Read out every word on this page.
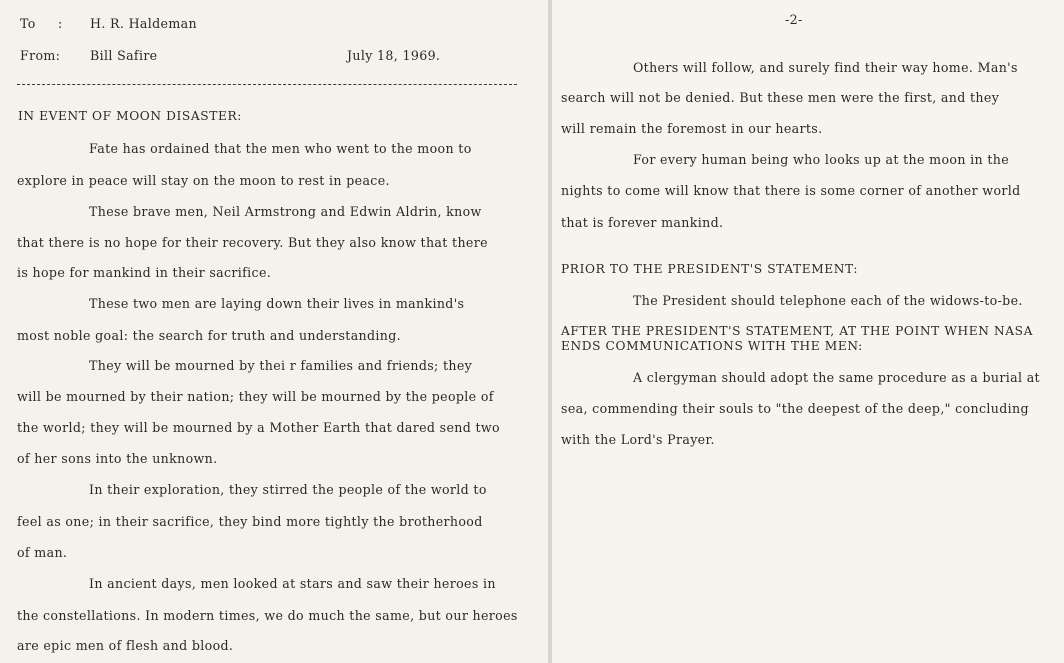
To : H. R. Haldeman
From: Bill Safire	July 18, 1969.
IN EVENT OF MOON DISASTER:
Fate has ordained that the men who went to the moon to
explore in peace will stay on the moon to rest in peace.
These brave men, Neil Armstrong and Edwin Aldrin, know
that there is no hope for their recovery. But they also know that there
is hope for mankind in their sacrifice.
These two men are laying down their lives in mankind's
most noble goal: the search for truth and understanding.
They will be mourned by thei r families and friends; they
will be mourned by their nation; they will be mourned by the people of
the world; they will be mourned by a Mother Earth that dared send two
of her sons into the unknown.
In their exploration, they stirred the people of the world to
feel as one; in their sacrifice, they bind more tightly the brotherhood
of man.
In ancient days, men looked at stars and saw their heroes in
the constellations. In modern times, we do much the same, but our heroes
are epic men of flesh and blood.
-2-
Others will follow, and surely find their way home. Man's
search will not be denied. But these men were the first, and they
will remain the foremost in our hearts.
For every human being who looks up at the moon in the
nights to come will know that there is some corner of another world
that is forever mankind.
PRIOR TO THE PRESIDENT'S STATEMENT:
The President should telephone each of the widows-to-be.
AFTER THE PRESIDENT'S STATEMENT, AT THE POINT WHEN NASA
ENDS COMMUNICATIONS WITH THE MEN:
A clergyman should adopt the same procedure as a burial at
sea, commending their souls to "the deepest of the deep," concluding
with the Lord's Prayer.
